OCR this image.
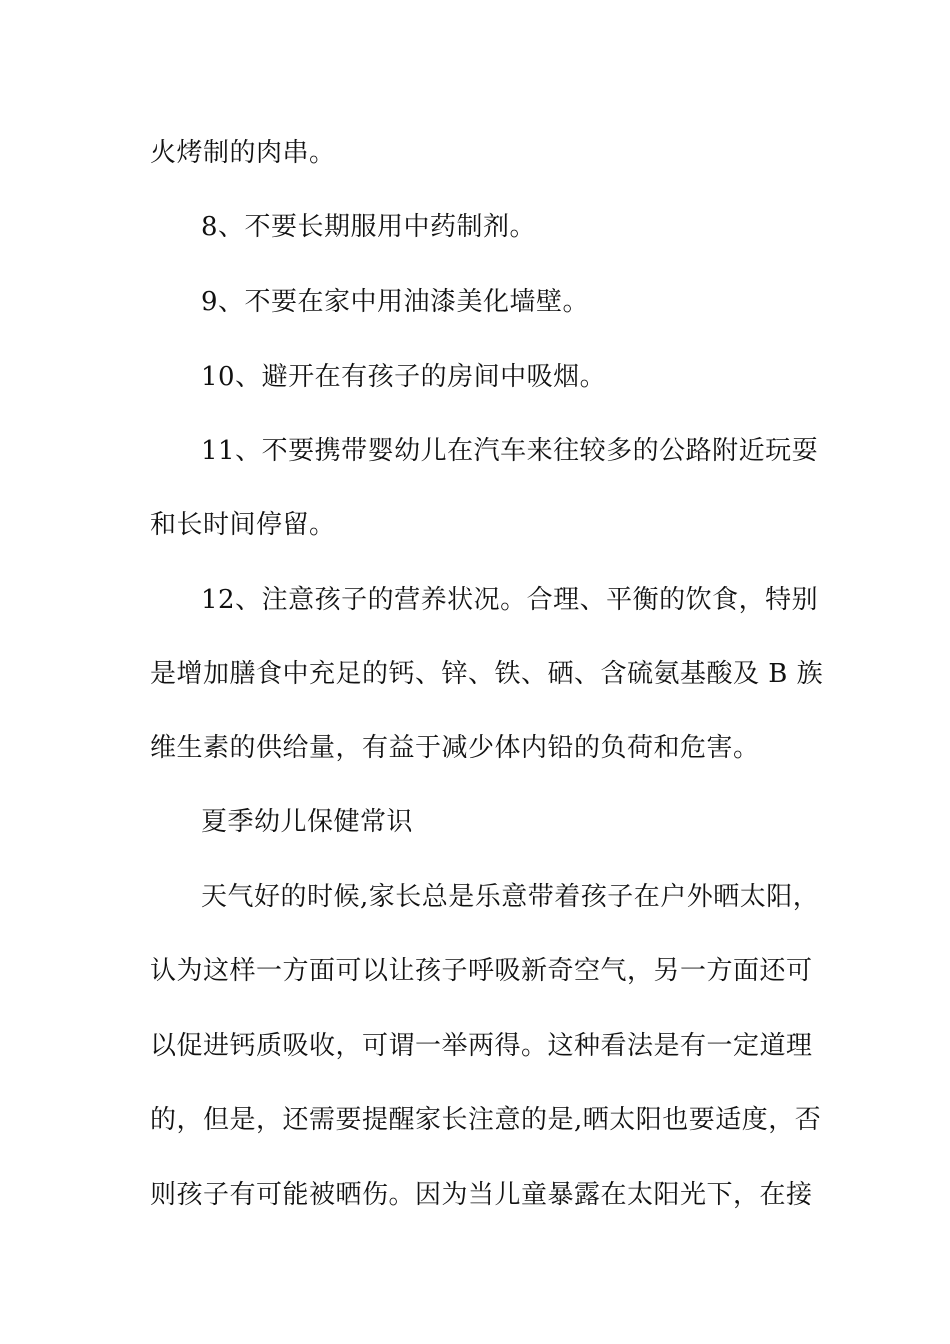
火烤制的肉串。
8、不要长期服用中药制剂。
9、不要在家中用油漆美化墙壁。
10、避开在有孩子的房间中吸烟。
11、不要携带婴幼儿在汽车来往较多的公路附近玩耍
和长时间停留。
12、注意孩子的营养状况。合理、平衡的饮食，特别
是增加膳食中充足的钙、锌、铁、硒、含硫氨基酸及 B 族
维生素的供给量，有益于减少体内铅的负荷和危害。
夏季幼儿保健常识
天气好的时候,家长总是乐意带着孩子在户外晒太阳，
认为这样一方面可以让孩子呼吸新奇空气，另一方面还可
以促进钙质吸收，可谓一举两得。这种看法是有一定道理
的，但是，还需要提醒家长注意的是,晒太阳也要适度，否
则孩子有可能被晒伤。因为当儿童暴露在太阳光下，在接
